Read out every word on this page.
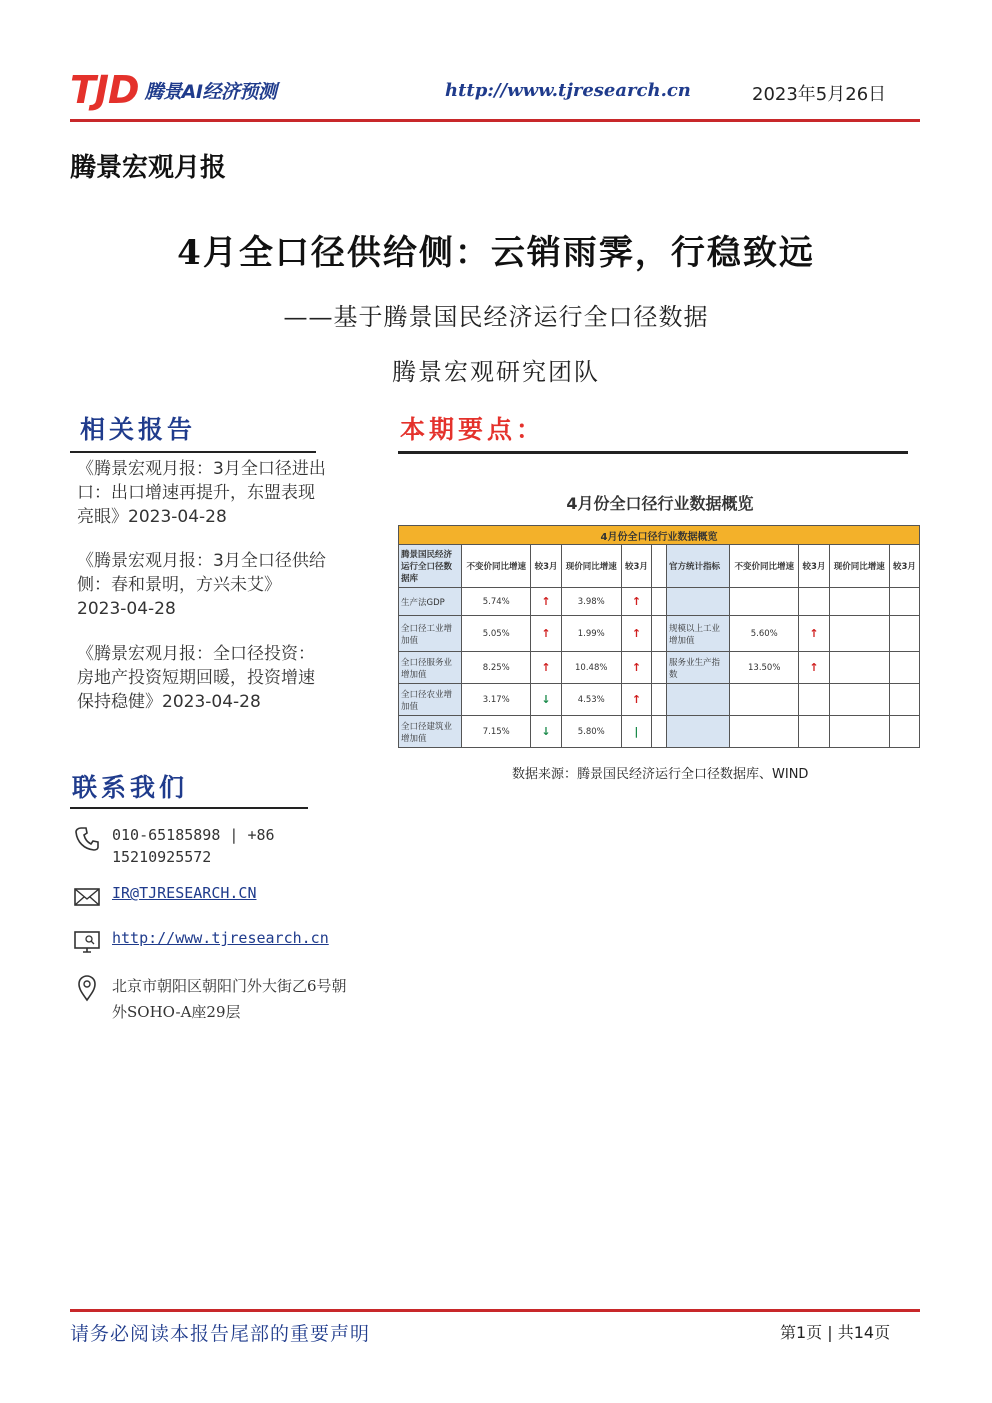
TJD 腾景AI经济预测	http://www.tjresearch.cn	2023年5月26日
腾景宏观月报
4月全口径供给侧：云销雨霁，行稳致远
——基于腾景国民经济运行全口径数据
腾景宏观研究团队
相关报告
《腾景宏观月报：3月全口径进出口：出口增速再提升，东盟表现亮眼》2023-04-28
《腾景宏观月报：3月全口径供给侧：春和景明，方兴未艾》2023-04-28
《腾景宏观月报：全口径投资：房地产投资短期回暖，投资增速保持稳健》2023-04-28
联系我们
010-65185898 | +86 15210925572
IR@TJRESEARCH.CN
http://www.tjresearch.cn
北京市朝阳区朝阳门外大街乙6号朝外SOHO-A座29层
本期要点：
4月份全口径行业数据概览
4月份全口径行业数据概览										
腾景国民经济运行全口径数据库	不变价同比增速	较3月	现价同比增速	较3月		官方统计指标	不变价同比增速	较3月	现价同比增速	较3月
生产法GDP	5.74%	↑	3.98%	↑						
全口径工业增加值	5.05%	↑	1.99%	↑		规模以上工业增加值	5.60%	↑		
全口径服务业增加值	8.25%	↑	10.48%	↑		服务业生产指数	13.50%	↑		
全口径农业增加值	3.17%	↓	4.53%	↑						
全口径建筑业增加值	7.15%	↓	5.80%	|						
数据来源：腾景国民经济运行全口径数据库、WIND
请务必阅读本报告尾部的重要声明	第1页 | 共14页
